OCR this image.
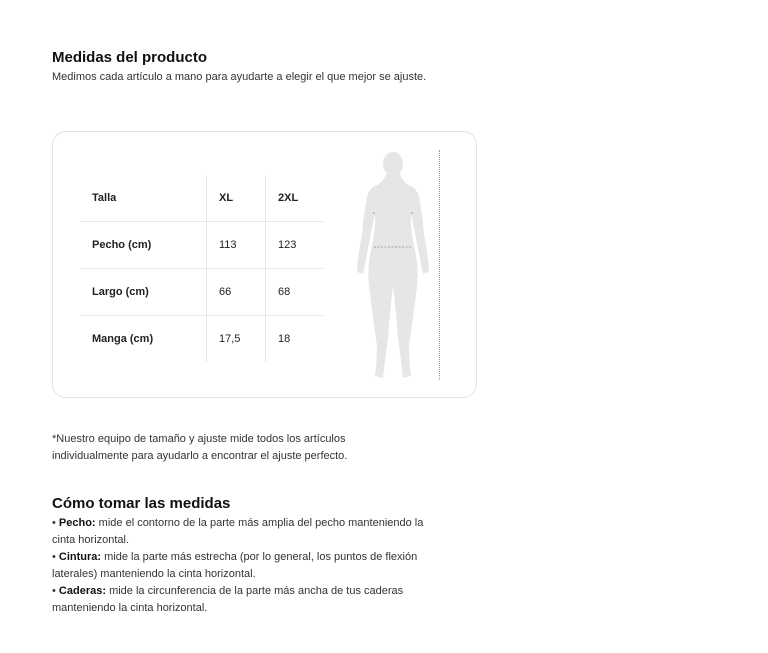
Medidas del producto

Medimos cada artículo a mano para ayudarte a elegir el que mejor se ajuste.

Talla	XL	2XL
Pecho (cm)	113	123
Largo (cm)	66	68
Manga (cm)	17,5	18

*Nuestro equipo de tamaño y ajuste mide todos los artículos individualmente para ayudarlo a encontrar el ajuste perfecto.

Cómo tomar las medidas
• Pecho: mide el contorno de la parte más amplia del pecho manteniendo la cinta horizontal.
• Cintura: mide la parte más estrecha (por lo general, los puntos de flexión laterales) manteniendo la cinta horizontal.
• Caderas: mide la circunferencia de la parte más ancha de tus caderas manteniendo la cinta horizontal.
